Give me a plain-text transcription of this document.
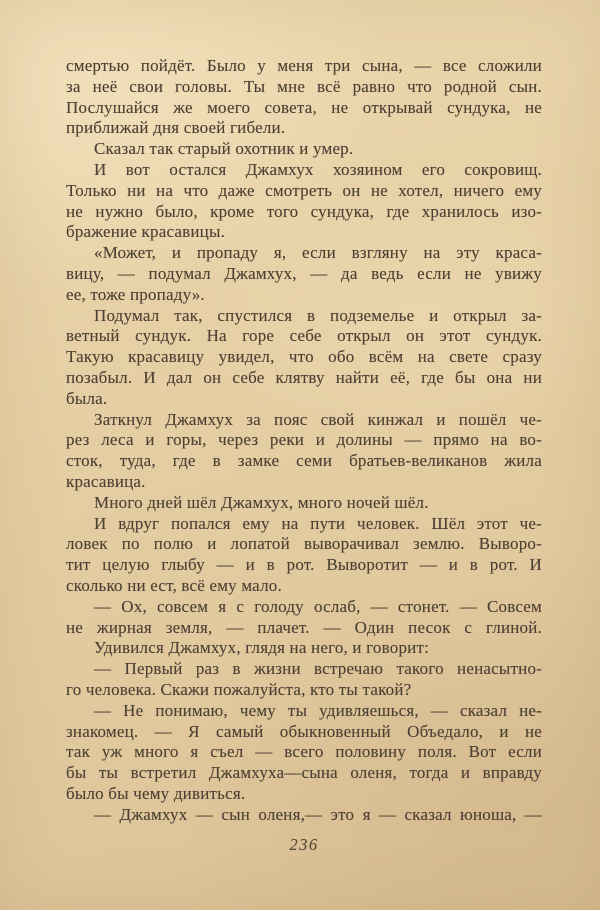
смертью пойдёт. Было у меня три сына, — все сложили
за неё свои головы. Ты мне всё равно что родной сын.
Послушайся же моего совета, не открывай сундука, не
приближай дня своей гибели.
Сказал так старый охотник и умер.
И вот остался Джамхух хозяином его сокровищ.
Только ни на что даже смотреть он не хотел, ничего ему
не нужно было, кроме того сундука, где хранилось изо-
бражение красавицы.
«Может, и пропаду я, если взгляну на эту краса-
вицу, — подумал Джамхух, — да ведь если не увижу
ее, тоже пропаду».
Подумал так, спустился в подземелье и открыл за-
ветный сундук. На горе себе открыл он этот сундук.
Такую красавицу увидел, что обо всём на свете сразу
позабыл. И дал он себе клятву найти её, где бы она ни
была.
Заткнул Джамхух за пояс свой кинжал и пошёл че-
рез леса и горы, через реки и долины — прямо на во-
сток, туда, где в замке семи братьев-великанов жила
красавица.
Много дней шёл Джамхух, много ночей шёл.
И вдруг попался ему на пути человек. Шёл этот че-
ловек по полю и лопатой выворачивал землю. Выворо-
тит целую глыбу — и в рот. Выворотит — и в рот. И
сколько ни ест, всё ему мало.
— Ох, совсем я с голоду ослаб, — стонет. — Совсем
не жирная земля, — плачет. — Один песок с глиной.
Удивился Джамхух, глядя на него, и говорит:
— Первый раз в жизни встречаю такого ненасытно-
го человека. Скажи пожалуйста, кто ты такой?
— Не понимаю, чему ты удивляешься, — сказал не-
знакомец. — Я самый обыкновенный Объедало, и не
так уж много я съел — всего половину поля. Вот если
бы ты встретил Джамхуха—сына оленя, тогда и вправду
было бы чему дивиться.
— Джамхух — сын оленя,— это я — сказал юноша, —
236
